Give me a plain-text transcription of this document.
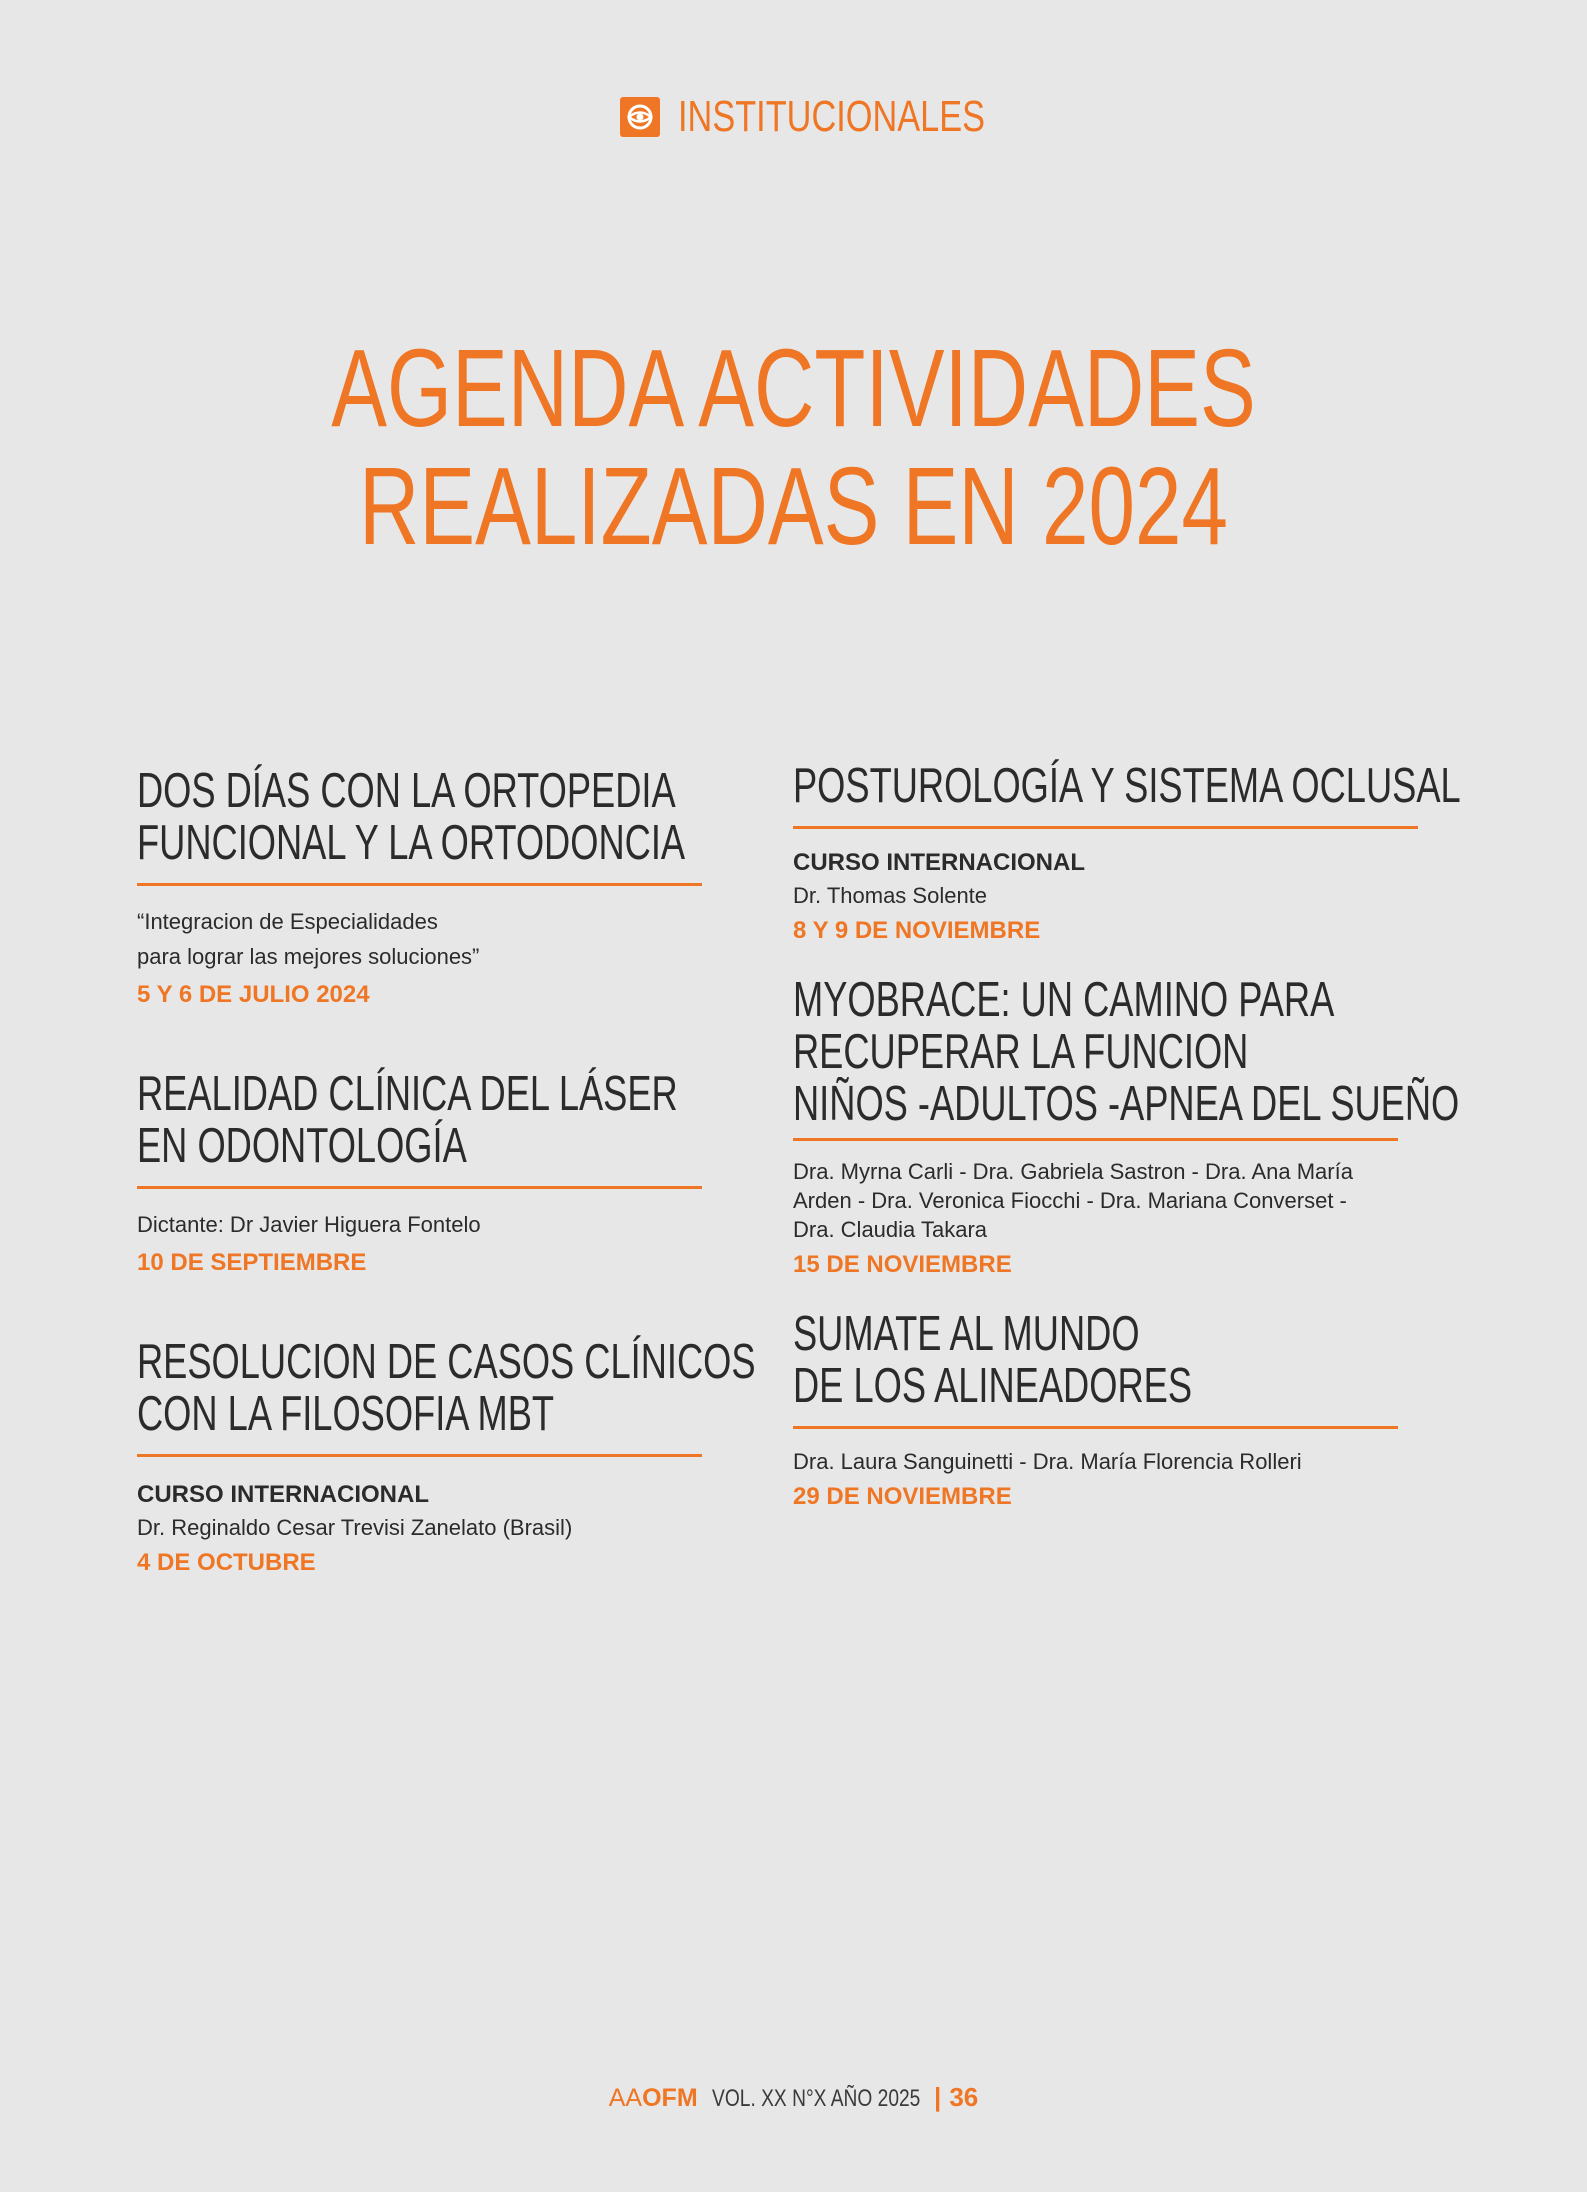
INSTITUCIONALES
AGENDA ACTIVIDADES
REALIZADAS EN 2024

DOS DÍAS CON LA ORTOPEDIA

FUNCIONAL Y LA ORTODONCIA

“Integracion de Especialidades

para lograr las mejores soluciones”

5 Y 6 DE JULIO 2024

REALIDAD CLÍNICA DEL LÁSER

EN ODONTOLOGÍA

Dictante: Dr Javier Higuera Fontelo

10 DE SEPTIEMBRE

RESOLUCION DE CASOS CLÍNICOS

CON LA FILOSOFIA MBT

CURSO INTERNACIONAL

Dr. Reginaldo Cesar Trevisi Zanelato (Brasil)

4 DE OCTUBRE

POSTUROLOGÍA Y SISTEMA OCLUSAL

CURSO INTERNACIONAL

Dr. Thomas Solente

8 Y 9 DE NOVIEMBRE

MYOBRACE: UN CAMINO PARA

RECUPERAR LA FUNCION

NIÑOS -ADULTOS -APNEA DEL SUEÑO

Dra. Myrna Carli - Dra. Gabriela Sastron - Dra. Ana María

Arden - Dra. Veronica Fiocchi - Dra. Mariana Converset -

Dra. Claudia Takara

15 DE NOVIEMBRE

SUMATE AL MUNDO

DE LOS ALINEADORES

Dra. Laura Sanguinetti - Dra. María Florencia Rolleri

29 DE NOVIEMBRE

AAOFM VOL. XX N°X AÑO 2025 | 36
